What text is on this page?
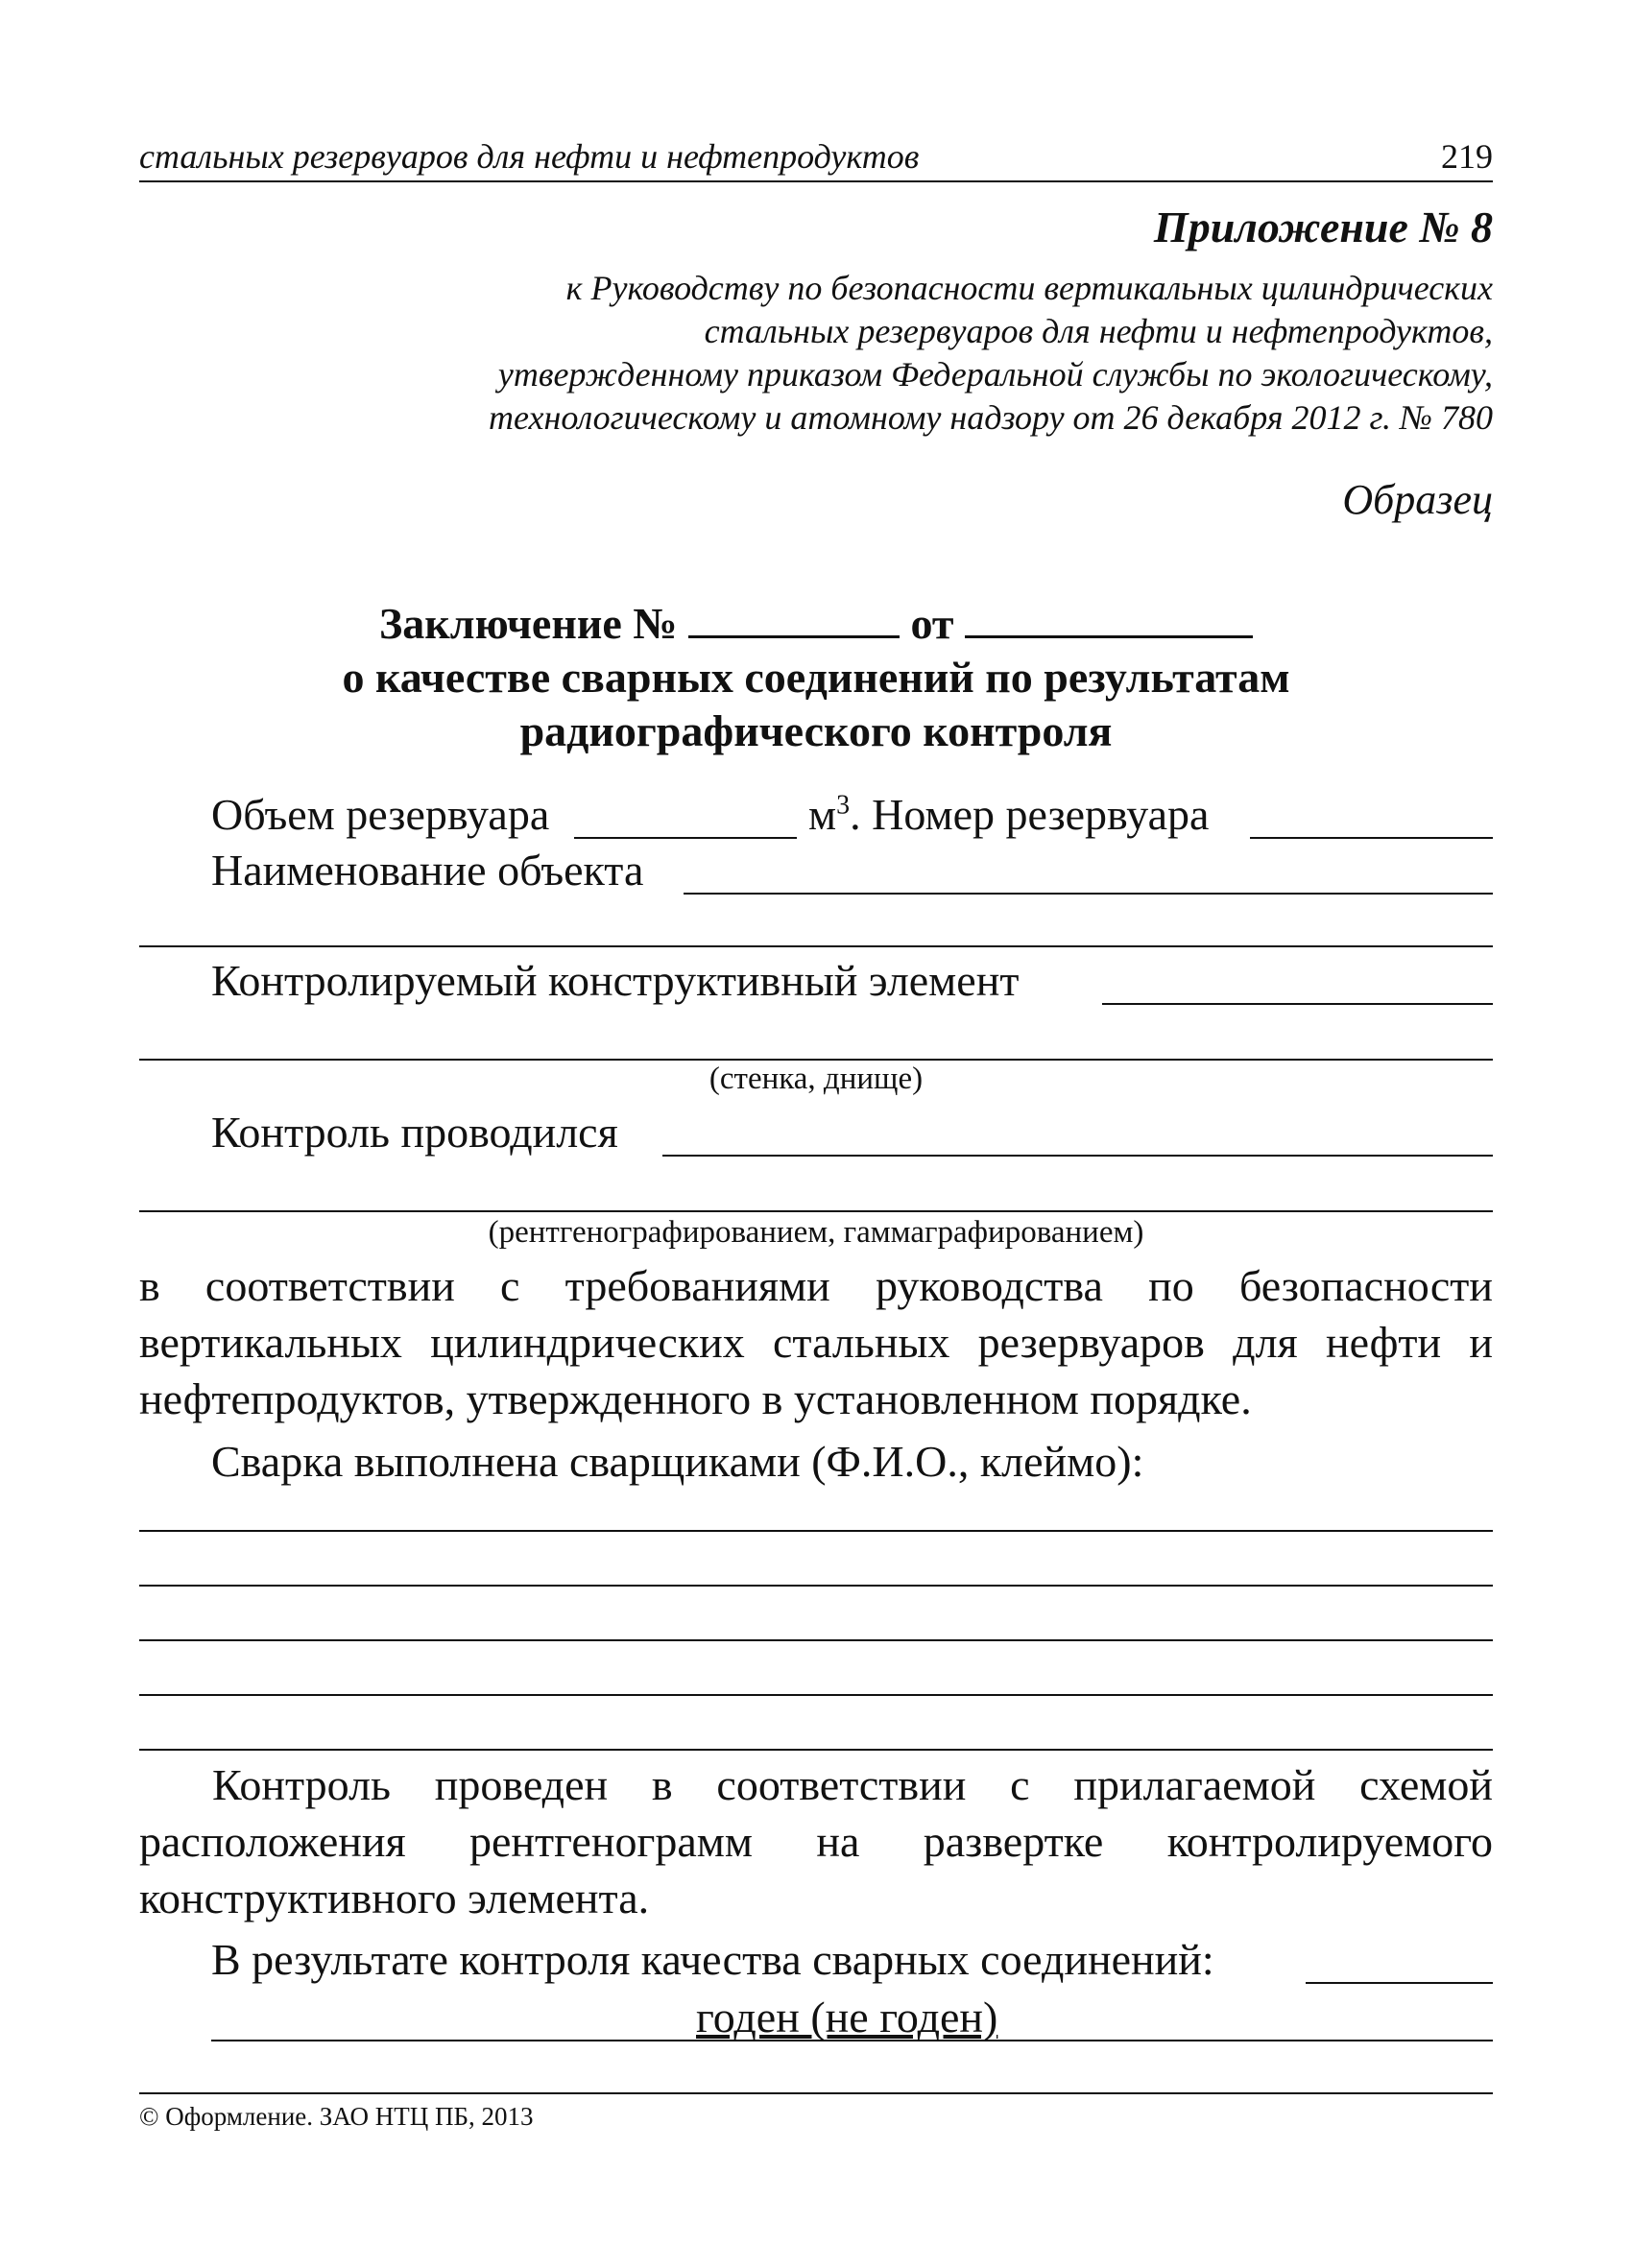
стальных резервуаров для нефти и нефтепродуктов	219
Приложение № 8
к Руководству по безопасности вертикальных цилиндрических
стальных резервуаров для нефти и нефтепродуктов,
утвержденному приказом Федеральной службы по экологическому,
технологическому и атомному надзору от 26 декабря 2012 г. № 780
Образец
Заключение №	от
о качестве сварных соединений по результатам
радиографического контроля
Объем резервуара	$м^3$. Номер резервуара
Наименование объекта
Контролируемый конструктивный элемент
(стенка, днище)
Контроль проводился
(рентгенографированием, гаммаграфированием)
в соответствии с требованиями руководства по безопасности вертикальных цилиндрических стальных резервуаров для нефти и нефтепродуктов, утвержденного в установленном порядке.
Сварка выполнена сварщиками (Ф.И.О., клеймо):
Контроль проведен в соответствии с прилагаемой схемой расположения рентгенограмм на развертке контролируемого конструктивного элемента.
В результате контроля качества сварных соединений:
годен (не годен)
© Оформление. ЗАО НТЦ ПБ, 2013
